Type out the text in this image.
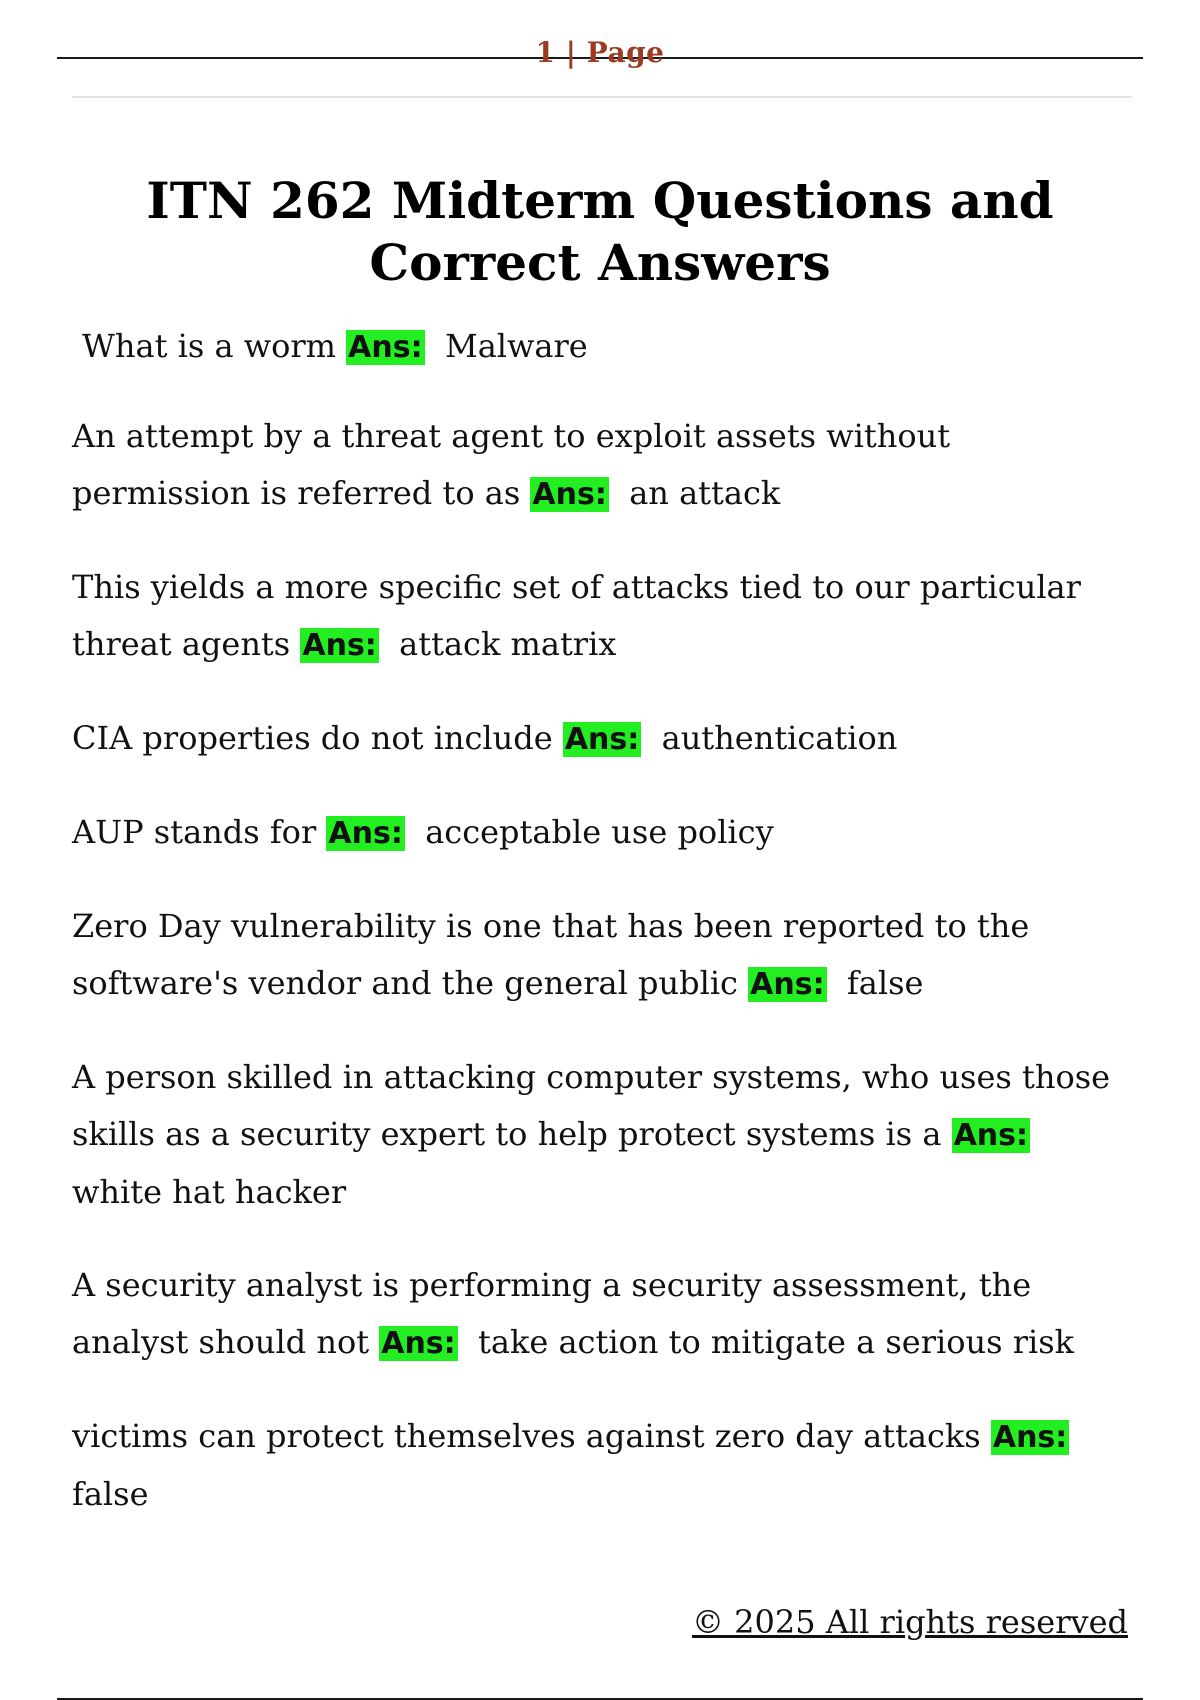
1 | Page
ITN 262 Midterm Questions and Correct Answers

What is a worm Ans: Malware

An attempt by a threat agent to exploit assets without permission is referred to as Ans: an attack

This yields a more specific set of attacks tied to our particular threat agents Ans: attack matrix

CIA properties do not include Ans: authentication

AUP stands for Ans: acceptable use policy

Zero Day vulnerability is one that has been reported to the software's vendor and the general public Ans: false

A person skilled in attacking computer systems, who uses those skills as a security expert to help protect systems is a Ans:  white hat hacker

A security analyst is performing a security assessment, the analyst should not Ans: take action to mitigate a serious risk

victims can protect themselves against zero day attacks Ans:  false

© 2025 All rights reserved
